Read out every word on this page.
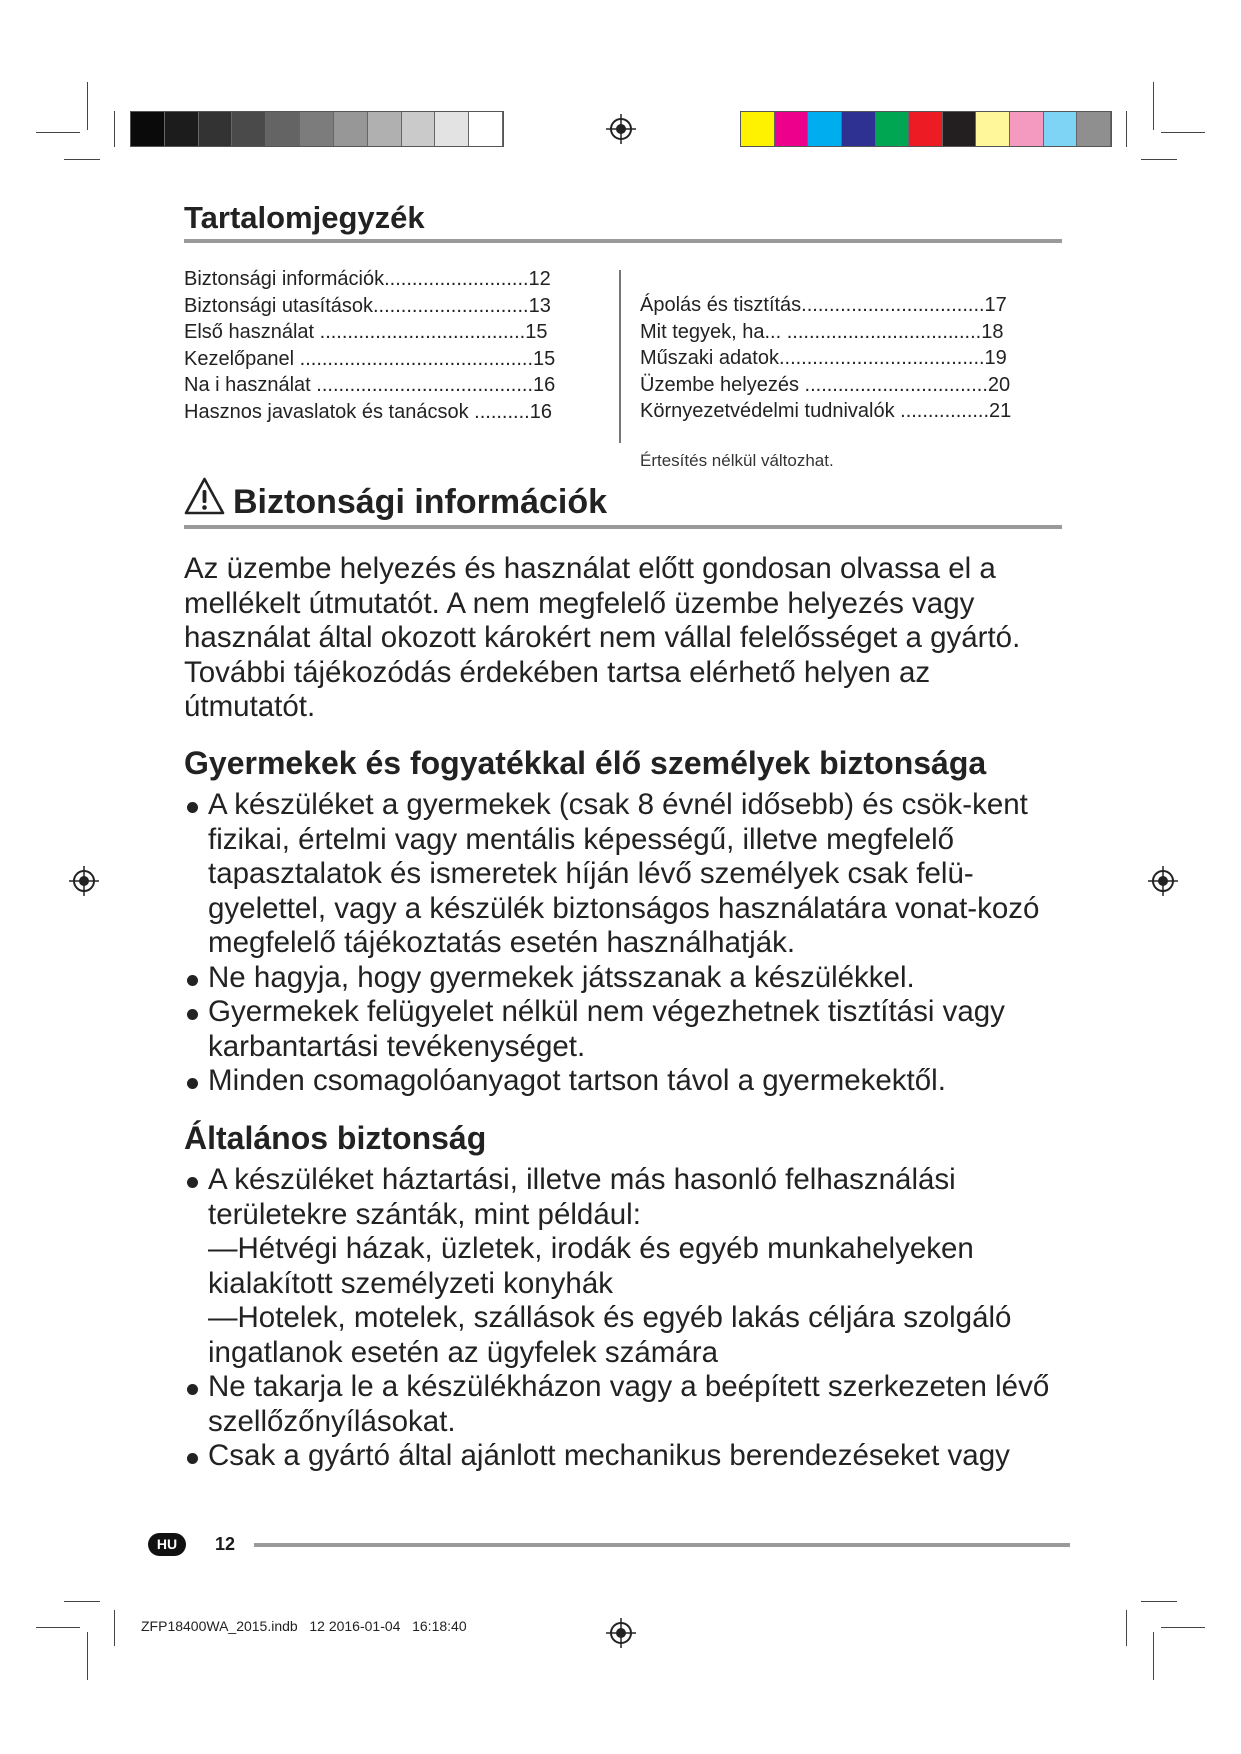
Tartalomjegyzék
Biztonsági információk..........................12
Biztonsági utasítások............................13
Első használat .....................................15
Kezelőpanel ..........................................15
Na i használat .......................................16
Hasznos javaslatok és tanácsok ..........16
Ápolás és tisztítás.................................17
Mit tegyek, ha... ...................................18
Műszaki adatok.....................................19
Üzembe helyezés .................................20
Környezetvédelmi tudnivalók ................21
Értesítés nélkül változhat.
Biztonsági információk
Az üzembe helyezés és használat előtt gondosan olvassa el a mellékelt útmutatót. A nem megfelelő üzembe helyezés vagy használat által okozott károkért nem vállal felelősséget a gyártó. További tájékozódás érdekében tartsa elérhető helyen az útmutatót.
Gyermekek és fogyatékkal élő személyek biztonsága
A készüléket a gyermekek (csak 8 évnél idősebb) és csök-kent fizikai, értelmi vagy mentális képességű, illetve megfelelő tapasztalatok és ismeretek híján lévő személyek csak felü-gyelettel, vagy a készülék biztonságos használatára vonat-kozó megfelelő tájékoztatás esetén használhatják.
Ne hagyja, hogy gyermekek játsszanak a készülékkel.
Gyermekek felügyelet nélkül nem végezhetnek tisztítási vagy karbantartási tevékenységet.
Minden csomagolóanyagot tartson távol a gyermekektől.
Általános biztonság
A készüléket háztartási, illetve más hasonló felhasználási területekre szánták, mint például:
—Hétvégi házak, üzletek, irodák és egyéb munkahelyeken kialakított személyzeti konyhák
—Hotelek, motelek, szállások és egyéb lakás céljára szolgáló ingatlanok esetén az ügyfelek számára
Ne takarja le a készülékházon vagy a beépített szerkezeten lévő szellőzőnyílásokat.
Csak a gyártó által ajánlott mechanikus berendezéseket vagy
HU	12
ZFP18400WA_2015.indb   12 2016-01-04   16:18:40
